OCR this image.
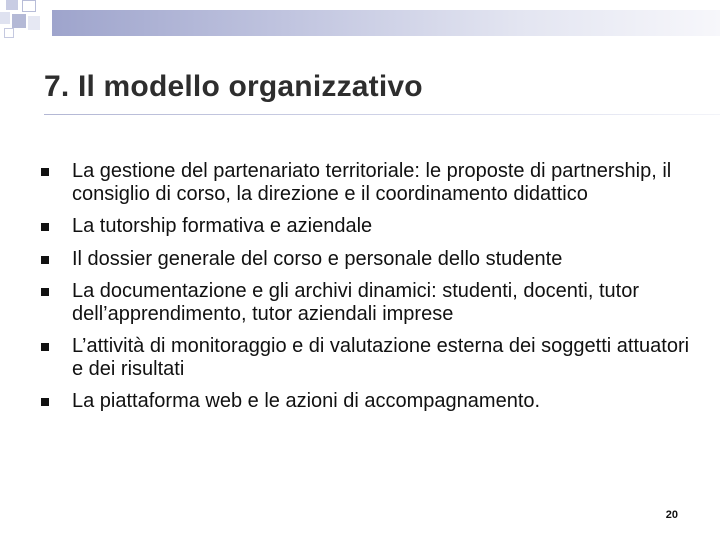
7. Il modello organizzativo
La gestione del partenariato territoriale: le proposte di partnership, il consiglio di corso, la direzione e il coordinamento didattico
La tutorship formativa e aziendale
Il dossier generale del corso e personale dello studente
La documentazione e gli archivi dinamici: studenti, docenti, tutor dell’apprendimento, tutor aziendali imprese
L’attività di monitoraggio e di valutazione esterna dei soggetti attuatori e dei risultati
La piattaforma web e le azioni di accompagnamento.
20
